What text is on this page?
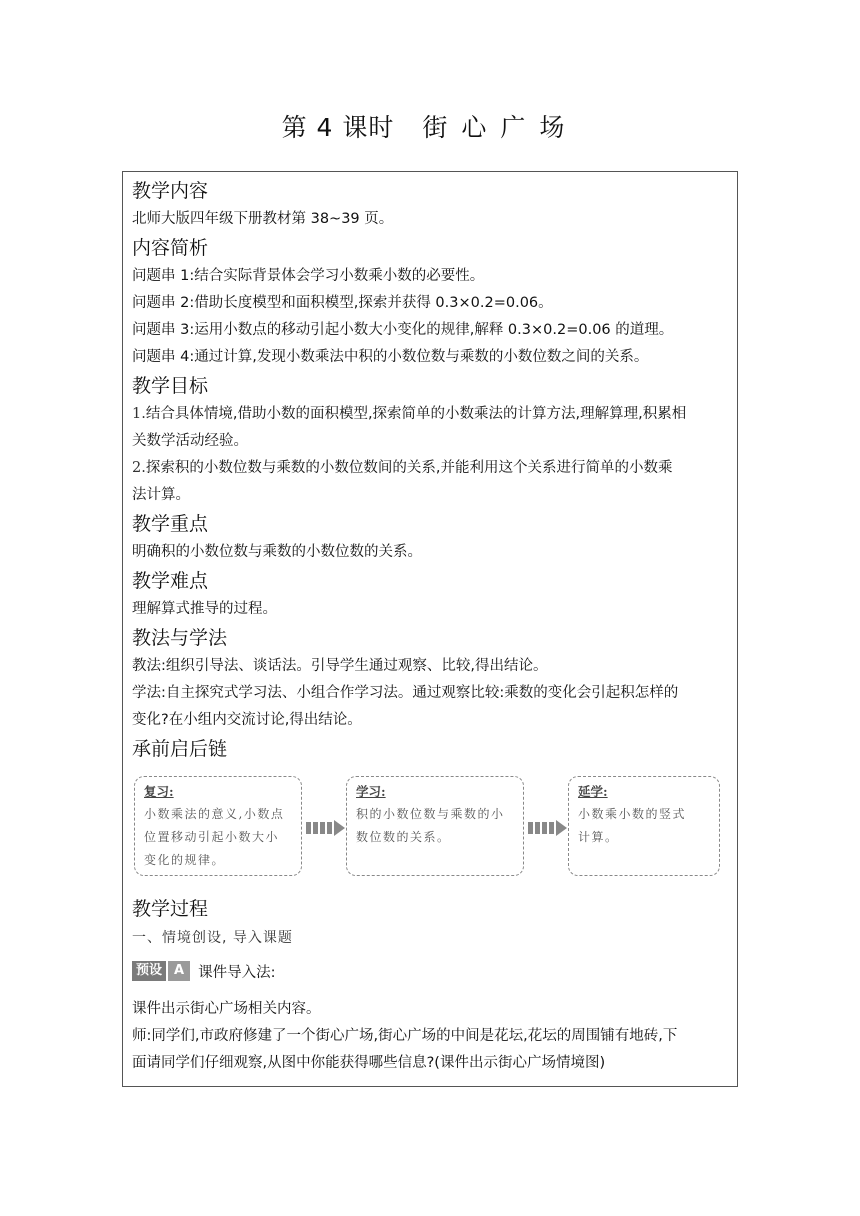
第 4 课时 街心广场
教学内容
北师大版四年级下册教材第 38~39 页。
内容简析
问题串 1:结合实际背景体会学习小数乘小数的必要性。
问题串 2:借助长度模型和面积模型,探索并获得 0.3×0.2=0.06。
问题串 3:运用小数点的移动引起小数大小变化的规律,解释 0.3×0.2=0.06 的道理。
问题串 4:通过计算,发现小数乘法中积的小数位数与乘数的小数位数之间的关系。
教学目标
1.结合具体情境,借助小数的面积模型,探索简单的小数乘法的计算方法,理解算理,积累相
关数学活动经验。
2.探索积的小数位数与乘数的小数位数间的关系,并能利用这个关系进行简单的小数乘
法计算。
教学重点
明确积的小数位数与乘数的小数位数的关系。
教学难点
理解算式推导的过程。
教法与学法
教法:组织引导法、谈话法。引导学生通过观察、比较,得出结论。
学法:自主探究式学习法、小组合作学习法。通过观察比较:乘数的变化会引起积怎样的
变化?在小组内交流讨论,得出结论。
承前启后链
复习:
小数乘法的意义,小数点
位置移动引起小数大小
变化的规律。
学习:
积的小数位数与乘数的小
数位数的关系。
延学:
小数乘小数的竖式
计算。
教学过程
一、情境创设, 导入课题
预设 A 课件导入法:
课件出示街心广场相关内容。
师:同学们,市政府修建了一个街心广场,街心广场的中间是花坛,花坛的周围铺有地砖,下
面请同学们仔细观察,从图中你能获得哪些信息?(课件出示街心广场情境图)
